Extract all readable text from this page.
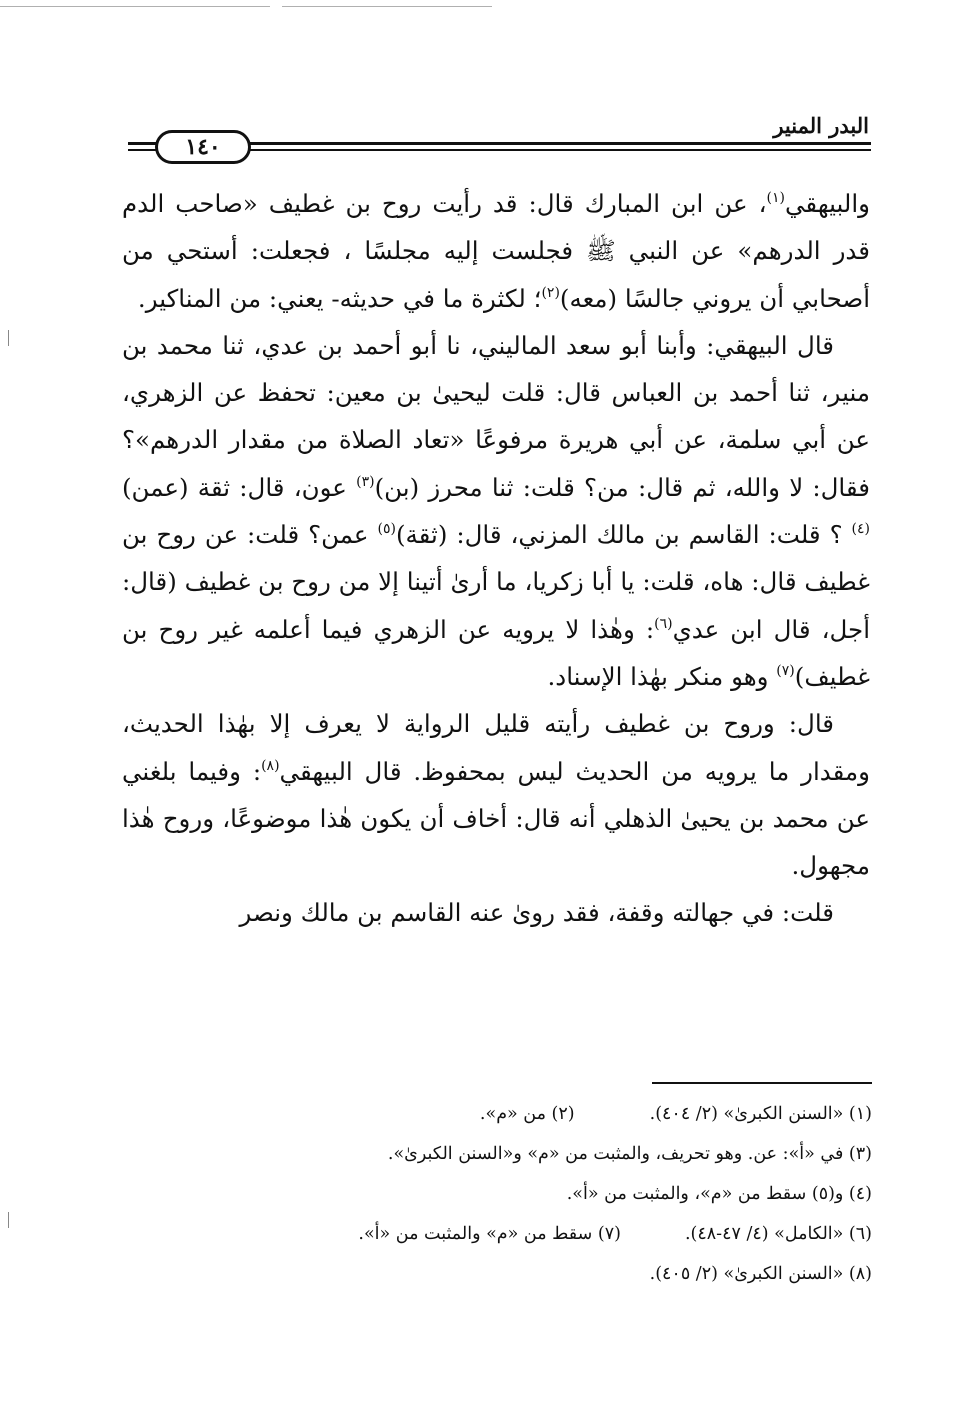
البدر المنير
١٤٠

والبيهقي$^{(١)}$، عن ابن المبارك قال: قد رأيت روح بن غطيف «صاحب الدم قدر الدرهم» عن النبي ﷺ فجلست إليه مجلسًا ، فجعلت: أستحي من أصحابي أن يروني جالسًا (معه)$^{(٢)}$؛ لكثرة ما في حديثه- يعني: من المناكير.

قال البيهقي: وأبنا أبو سعد الماليني، نا أبو أحمد بن عدي، ثنا محمد بن منير، ثنا أحمد بن العباس قال: قلت ليحيىٰ بن معين: تحفظ عن الزهري، عن أبي سلمة، عن أبي هريرة مرفوعًا «تعاد الصلاة من مقدار الدرهم»؟ فقال: لا والله، ثم قال: من؟ قلت: ثنا محرز (بن)$^{(٣)}$ عون، قال: ثقة (عمن)$^{(٤)}$ ؟ قلت: القاسم بن مالك المزني، قال: (ثقة)$^{(٥)}$ عمن؟ قلت: عن روح بن غطيف قال: هاه، قلت: يا أبا زكريا، ما أرىٰ أتينا إلا من روح بن غطيف (قال: أجل، قال ابن عدي$^{(٦)}$: وهٰذا لا يرويه عن الزهري فيما أعلمه غير روح بن غطيف)$^{(٧)}$ وهو منكر بهٰذا الإسناد.

قال: وروح بن غطيف رأيته قليل الرواية لا يعرف إلا بهٰذا الحديث، ومقدار ما يرويه من الحديث ليس بمحفوظ. قال البيهقي$^{(٨)}$: وفيما بلغني عن محمد بن يحيىٰ الذهلي أنه قال: أخاف أن يكون هٰذا موضوعًا، وروح هٰذا مجهول.

قلت: في جهالته وقفة، فقد روىٰ عنه القاسم بن مالك ونصر

(١) «السنن الكبرىٰ» (٢/ ٤٠٤).
(٢) من «م».
(٣) في «أ»: عن. وهو تحريف، والمثبت من «م» و«السنن الكبرىٰ».
(٤) و(٥) سقط من «م»، والمثبت من «أ».
(٦) «الكامل» (٤/ ٤٧-٤٨).
(٧) سقط من «م» والمثبت من «أ».
(٨) «السنن الكبرىٰ» (٢/ ٤٠٥).
